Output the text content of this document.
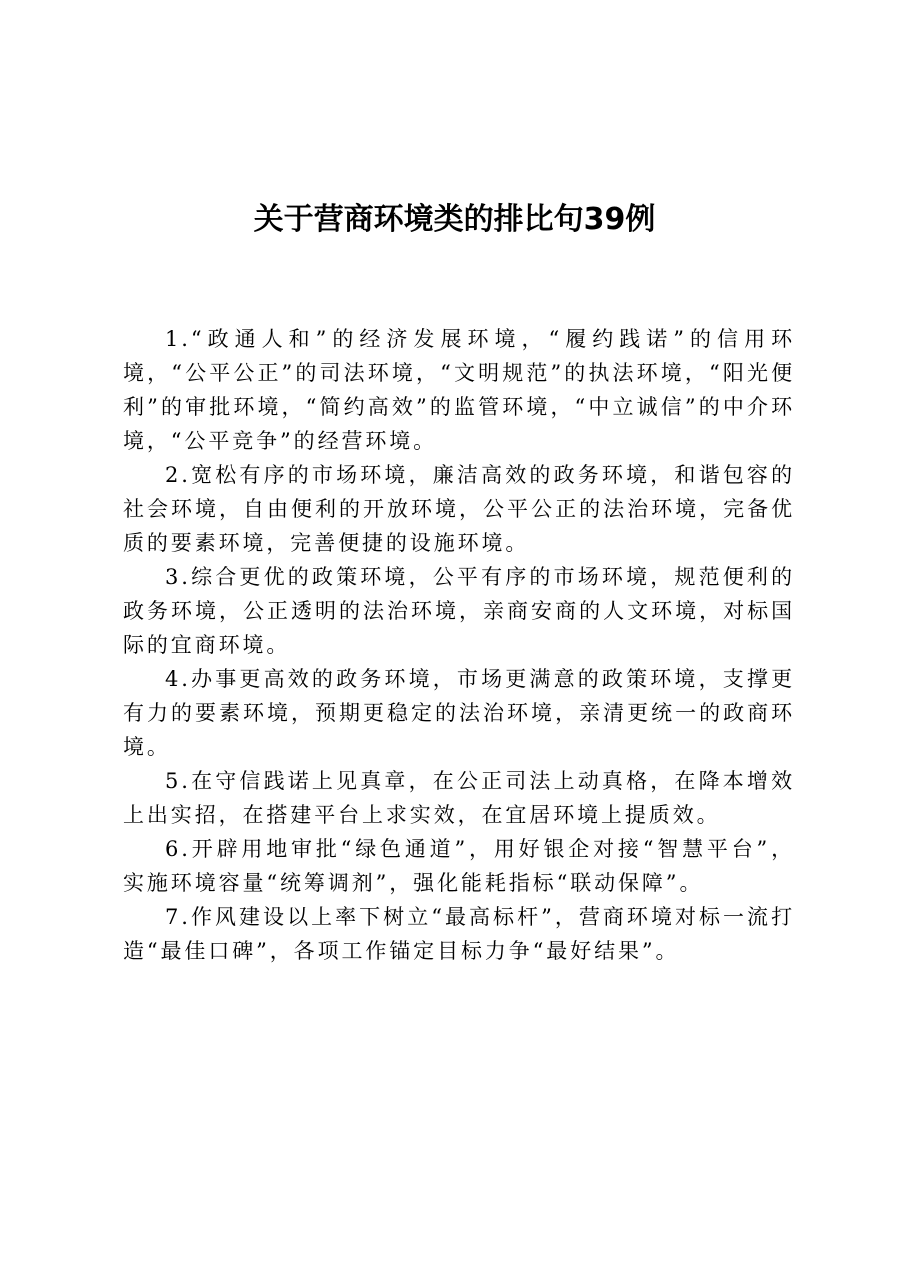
关于营商环境类的排比句39例

1.“政通人和”的经济发展环境，“履约践诺”的信用环境，“公平公正”的司法环境，“文明规范”的执法环境，“阳光便利”的审批环境，“简约高效”的监管环境，“中立诚信”的中介环境，“公平竞争”的经营环境。

2.宽松有序的市场环境，廉洁高效的政务环境，和谐包容的社会环境，自由便利的开放环境，公平公正的法治环境，完备优质的要素环境，完善便捷的设施环境。

3.综合更优的政策环境，公平有序的市场环境，规范便利的政务环境，公正透明的法治环境，亲商安商的人文环境，对标国际的宜商环境。

4.办事更高效的政务环境，市场更满意的政策环境，支撑更有力的要素环境，预期更稳定的法治环境，亲清更统一的政商环境。

5.在守信践诺上见真章，在公正司法上动真格，在降本增效上出实招，在搭建平台上求实效，在宜居环境上提质效。

6.开辟用地审批“绿色通道”，用好银企对接“智慧平台”，实施环境容量“统筹调剂”，强化能耗指标“联动保障”。

7.作风建设以上率下树立“最高标杆”，营商环境对标一流打造“最佳口碑”，各项工作锚定目标力争“最好结果”。
